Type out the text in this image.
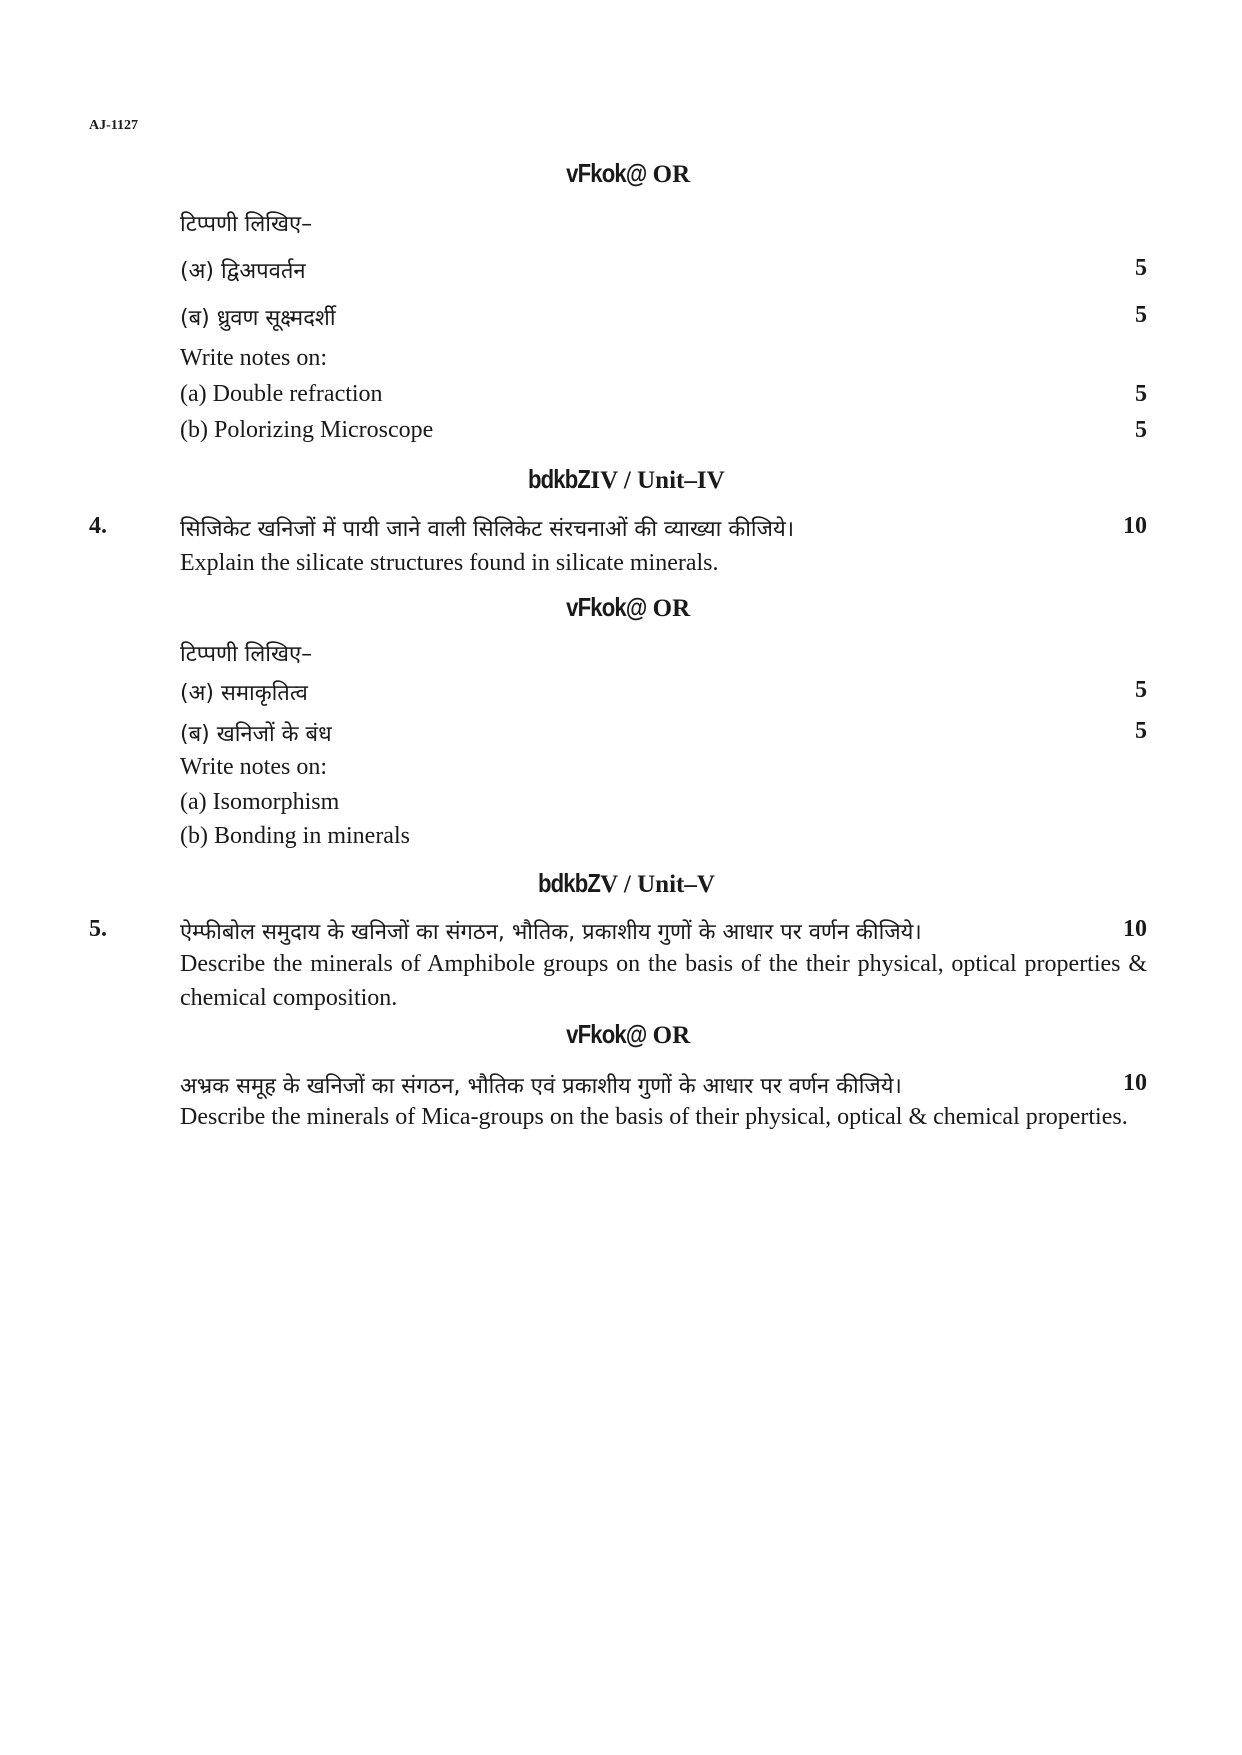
AJ-1127
vFkok@ OR
टिप्पणी लिखिए–
(अ) द्विअपवर्तन	5
(ब) ध्रुवण सूक्ष्मदर्शी	5
Write notes on:
(a) Double refraction	5
(b) Polorizing Microscope	5
bdkbZIV / Unit–IV
4.	सिजिकेट खनिजों में पायी जाने वाली सिलिकेट संरचनाओं की व्याख्या कीजिये।	10
Explain the silicate structures found in silicate minerals.
vFkok@ OR
टिप्पणी लिखिए–
(अ) समाकृतित्व	5
(ब) खनिजों के बंध	5
Write notes on:
(a) Isomorphism
(b) Bonding in minerals
bdkbZV / Unit–V
5.	ऐम्फीबोल समुदाय के खनिजों का संगठन, भौतिक, प्रकाशीय गुणों के आधार पर वर्णन कीजिये।	10
Describe the minerals of Amphibole groups on the basis of the their physical, optical properties & chemical composition.
vFkok@ OR
अभ्रक समूह के खनिजों का संगठन, भौतिक एवं प्रकाशीय गुणों के आधार पर वर्णन कीजिये।	10
Describe the minerals of Mica-groups on the basis of their physical, optical & chemical properties.
